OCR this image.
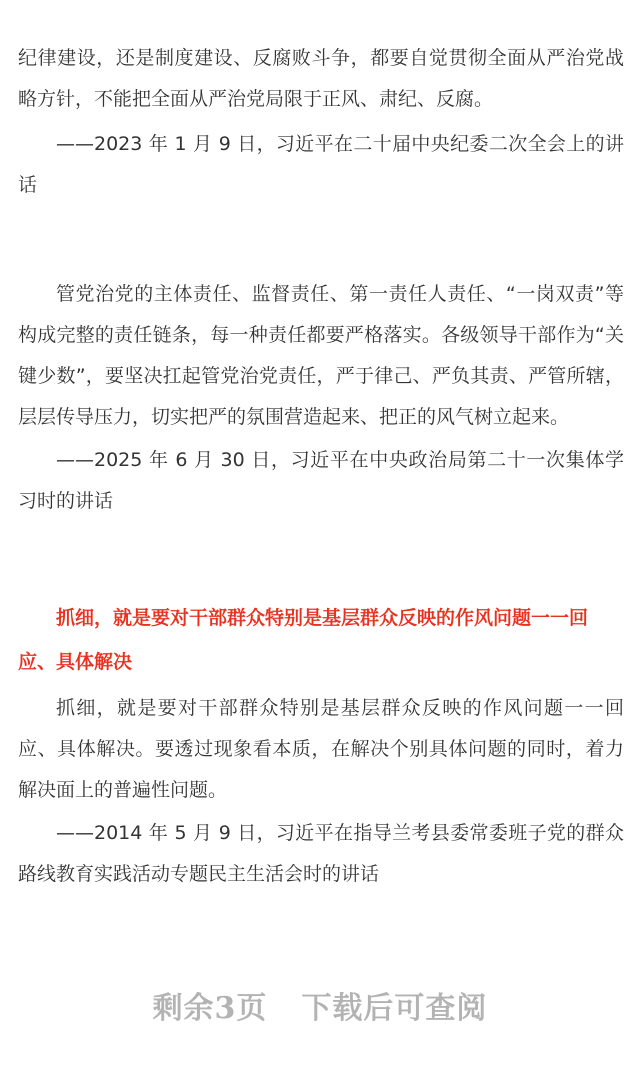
纪律建设，还是制度建设、反腐败斗争，都要自觉贯彻全面从严治党战略方针，不能把全面从严治党局限于正风、肃纪、反腐。

——2023 年 1 月 9 日，习近平在二十届中央纪委二次全会上的讲话

管党治党的主体责任、监督责任、第一责任人责任、“一岗双责”等构成完整的责任链条，每一种责任都要严格落实。各级领导干部作为“关键少数”，要坚决扛起管党治党责任，严于律己、严负其责、严管所辖，层层传导压力，切实把严的氛围营造起来、把正的风气树立起来。

——2025 年 6 月 30 日，习近平在中央政治局第二十一次集体学习时的讲话

抓细，就是要对干部群众特别是基层群众反映的作风问题一一回应、具体解决

抓细，就是要对干部群众特别是基层群众反映的作风问题一一回应、具体解决。要透过现象看本质，在解决个别具体问题的同时，着力解决面上的普遍性问题。

——2014 年 5 月 9 日，习近平在指导兰考县委常委班子党的群众路线教育实践活动专题民主生活会时的讲话

剩余3页 下载后可查阅
